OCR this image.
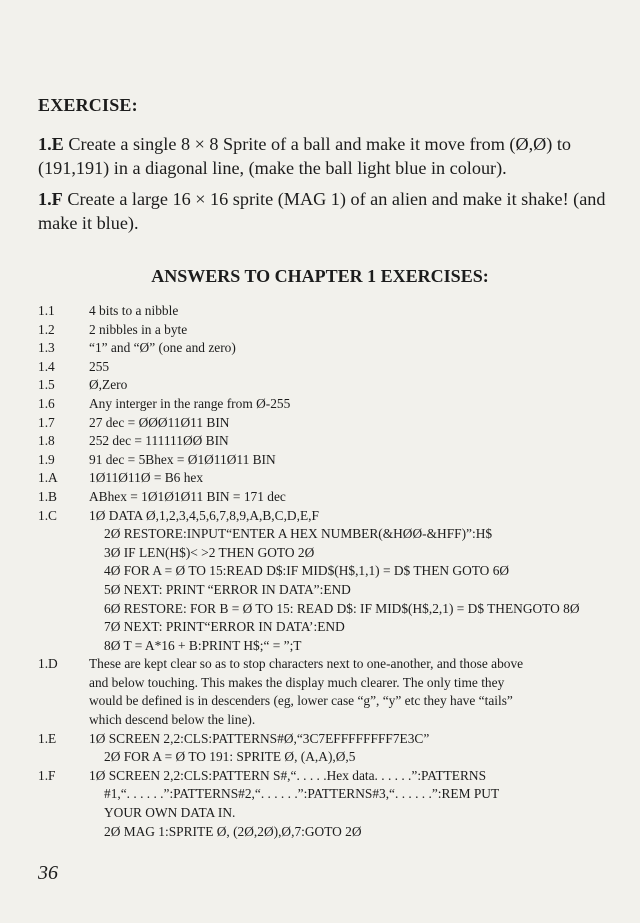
EXERCISE:
1.E Create a single 8 × 8 Sprite of a ball and make it move from (Ø,Ø) to (191,191) in a diagonal line, (make the ball light blue in colour).
1.F Create a large 16 × 16 sprite (MAG 1) of an alien and make it shake! (and make it blue).
ANSWERS TO CHAPTER 1 EXERCISES:
1.1	4 bits to a nibble
1.2	2 nibbles in a byte
1.3	“1” and “Ø” (one and zero)
1.4	255
1.5	Ø,Zero
1.6	Any interger in the range from Ø-255
1.7	27 dec = ØØØ11Ø11 BIN
1.8	252 dec = 111111ØØ BIN
1.9	91 dec = 5Bhex = Ø1Ø11Ø11 BIN
1.A	1Ø11Ø11Ø = B6 hex
1.B	ABhex = 1Ø1Ø1Ø11 BIN = 171 dec
1.C	1Ø DATA Ø,1,2,3,4,5,6,7,8,9,A,B,C,D,E,F
2Ø RESTORE:INPUT“ENTER A HEX NUMBER(&HØØ-&HFF)”:H$
3Ø IF LEN(H$)< >2 THEN GOTO 2Ø
4Ø FOR A = Ø TO 15:READ D$:IF MID$(H$,1,1) = D$ THEN GOTO 6Ø
5Ø NEXT: PRINT “ERROR IN DATA”:END
6Ø RESTORE: FOR B = Ø TO 15: READ D$: IF MID$(H$,2,1) = D$ THENGOTO 8Ø
7Ø NEXT: PRINT“ERROR IN DATA’:END
8Ø T = A*16 + B:PRINT H$;“ = ”;T
1.D	These are kept clear so as to stop characters next to one-another, and those above
and below touching. This makes the display much clearer. The only time they
would be defined is in descenders (eg, lower case “g”, “y” etc they have “tails”
which descend below the line).
1.E	1Ø SCREEN 2,2:CLS:PATTERNS#Ø,“3C7EFFFFFFFF7E3C”
2Ø FOR A = Ø TO 191: SPRITE Ø, (A,A),Ø,5
1.F	1Ø SCREEN 2,2:CLS:PATTERN S#,“. . . . .Hex data. . . . . .”:PATTERNS
#1,“. . . . . .”:PATTERNS#2,“. . . . . .”:PATTERNS#3,“. . . . . .”:REM PUT
YOUR OWN DATA IN.
2Ø MAG 1:SPRITE Ø, (2Ø,2Ø),Ø,7:GOTO 2Ø
36
